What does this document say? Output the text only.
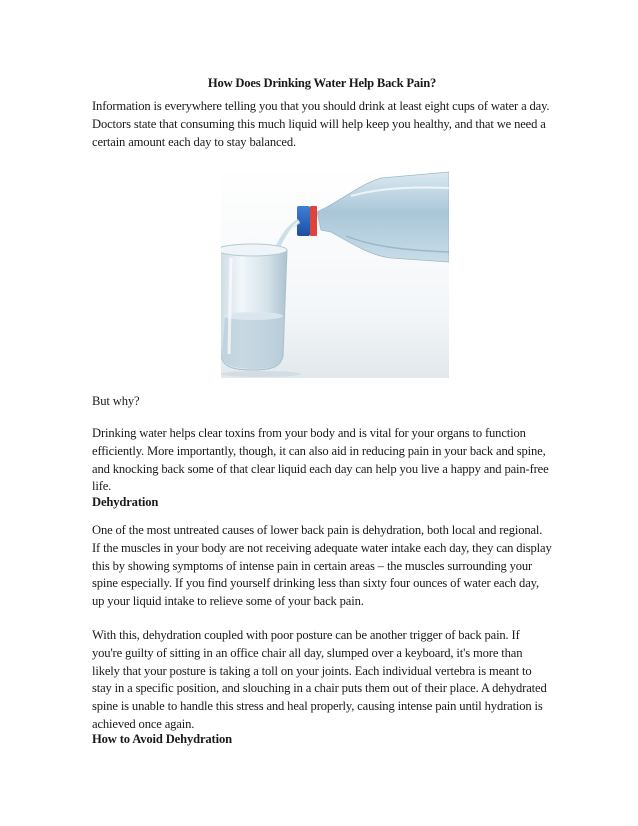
How Does Drinking Water Help Back Pain?

Information is everywhere telling you that you should drink at least eight cups of water a day. Doctors state that consuming this much liquid will help keep you healthy, and that we need a certain amount each day to stay balanced.

But why?

Drinking water helps clear toxins from your body and is vital for your organs to function efficiently. More importantly, though, it can also aid in reducing pain in your back and spine, and knocking back some of that clear liquid each day can help you live a happy and pain-free life.

Dehydration

One of the most untreated causes of lower back pain is dehydration, both local and regional. If the muscles in your body are not receiving adequate water intake each day, they can display this by showing symptoms of intense pain in certain areas – the muscles surrounding your spine especially. If you find yourself drinking less than sixty four ounces of water each day, up your liquid intake to relieve some of your back pain.

With this, dehydration coupled with poor posture can be another trigger of back pain. If you're guilty of sitting in an office chair all day, slumped over a keyboard, it's more than likely that your posture is taking a toll on your joints. Each individual vertebra is meant to stay in a specific position, and slouching in a chair puts them out of their place. A dehydrated spine is unable to handle this stress and heal properly, causing intense pain until hydration is achieved once again.

How to Avoid Dehydration
